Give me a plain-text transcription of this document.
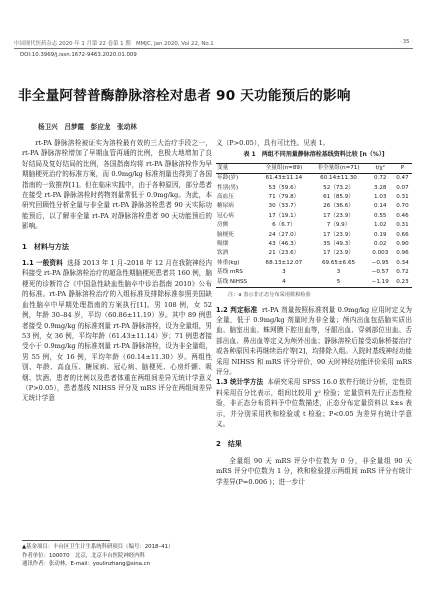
中国现代医药杂志 2020 年 1 月第 22 卷第 1 期　MMJC, Jan 2020, Vol 22, No.1	· 35 ·
DOI:10.3969/j.issn.1672-9463.2020.01.009
非全量阿替普酶静脉溶栓对患者 90 天功能预后的影响
杨卫兴　吕梦霞　彭应龙　张动林

rt-PA 静脉溶栓被证实为溶栓最有效的三大治疗手段之一，rt-PA 静脉溶栓增加了早期血管再通的比例，也极大地增加了良好结局及复好结局的比例，各国指南均将 rt-PA 静脉溶栓作为早期脑梗死治疗的标准方案，而 0.9mg/kg 标准剂量也得到了各国指南的一致推荐[1]。但在临床实践中，由于各种原因，部分患者在接受 rt-PA 静脉溶栓时药物剂量常低于 0.9mg/kg。为此，本研究回顾性分析全量与非全量 rt-PA 静脉溶栓患者 90 天实际功能预后，以了解非全量 rt-PA 对静脉溶栓患者 90 天功能预后的影响。

1　材料与方法

1.1 一般资料 选择 2013 年 1 月–2018 年 12 月在我院神经内科接受 rt-PA 静脉溶栓治疗的超急性期脑梗死患者共 160 例，脑梗死的诊断符合《中国急性缺血性脑卒中诊治指南 2010》公布的标准。rt-PA 静脉溶栓治疗的入组标准及排除标准参照美国缺血性脑卒中早期处理指南的方案执行[1]。男 108 例，女 52 例，年龄 30–84 岁，平均（60.86±11.19）岁。其中 89 例患者接受 0.9mg/kg 的标准剂量 rt-PA 静脉溶栓，设为全量组，男 53 例，女 36 例，平均年龄（61.43±11.14）岁；71 例患者接受小于 0.9mg/kg 的标准剂量 rt-PA 静脉溶栓，设为非全量组，男 55 例，女 16 例，平均年龄（60.14±11.30）岁。两组性别、年龄、高血压、糖尿病、冠心病、脑梗死、心房纤颤、吸烟、饮酒、患者的比例以及患者体重在两组间差异无统计学意义（P>0.05），患者基线 NIHSS 评分及 mRS 评分在两组间差异无统计学意

义（P>0.05），具有可比性。见表 1。

表 1　两组不同剂量静脉溶栓基线资料比较 [n（%）]
变量	全量组(n=89)	非全量组(n=71)	t/χ²	P
年龄(岁)	61.43±11.14	60.14±11.30	0.72	0.47
性别(男)	53（59.6）	52（73.2）	3.28	0.07
高血压	71（79.8）	61（85.9）	1.03	0.31
糖尿病	30（33.7）	26（36.6）	0.14	0.70
冠心病	17（19.1）	17（23.9）	0.55	0.46
房颤	6（6.7）	7（9.9）	1.02	0.31
脑梗死	24（27.0）	17（23.9）	0.19	0.66
吸烟	43（46.3）	35（49.3）	0.02	0.90
饮酒	21（23.6）	17（23.9）	0.003	0.96
体重(kg)	68.13±12.07	69.65±6.65	−0.95	0.34
基线 mRS	3	3	−0.57	0.72
基线 NIHSS	4	5	−1.19	0.23
注：a 表示非正态分布采用秩和检验

1.2 判定标准 rt-PA 剂量按照标准剂量 0.9mg/kg 应用时定义为全量，低于 0.9mg/kg 剂量时为非全量；颅内出血包括脑实质出血、脑室出血、蛛网膜下腔出血等，牙龈出血、穿刺部位出血、舌部出血、鼻出血等定义为颅外出血；静脉溶栓后接受动脉桥接治疗或各种原因未再继续治疗等[2]，均排除入组。入院时基线神经功能采用 NIHSS 和 mRS 评分评价，90 天时神经功能评价采用 mRS 评分。

1.3 统计学方法 本研究采用 SPSS 16.0 软件行统计分析，定性资料采用百分比表示，组间比较用 χ² 检验；定量资料先行正态性检验，非正态分布资料予中位数描述，正态分布定量资料以 x̄±s 表示，并分别采用秩和检验或 t 检验；P<0.05 为差异有统计学意义。

2　结果

全量组 90 天 mRS 评分中位数为 0 分，非全量组 90 天 mRS 评分中位数为 1 分，秩和检验提示两组间 mRS 评分有统计学差异(P=0.006 )；进一步计

▲基金项目：丰台区卫生计生系统科研项目（编号：2018–41）
作者单位：100070　北京，北京丰台医院神经内科
通讯作者：张动林，E-mail：youlinzhang@sina.cn
